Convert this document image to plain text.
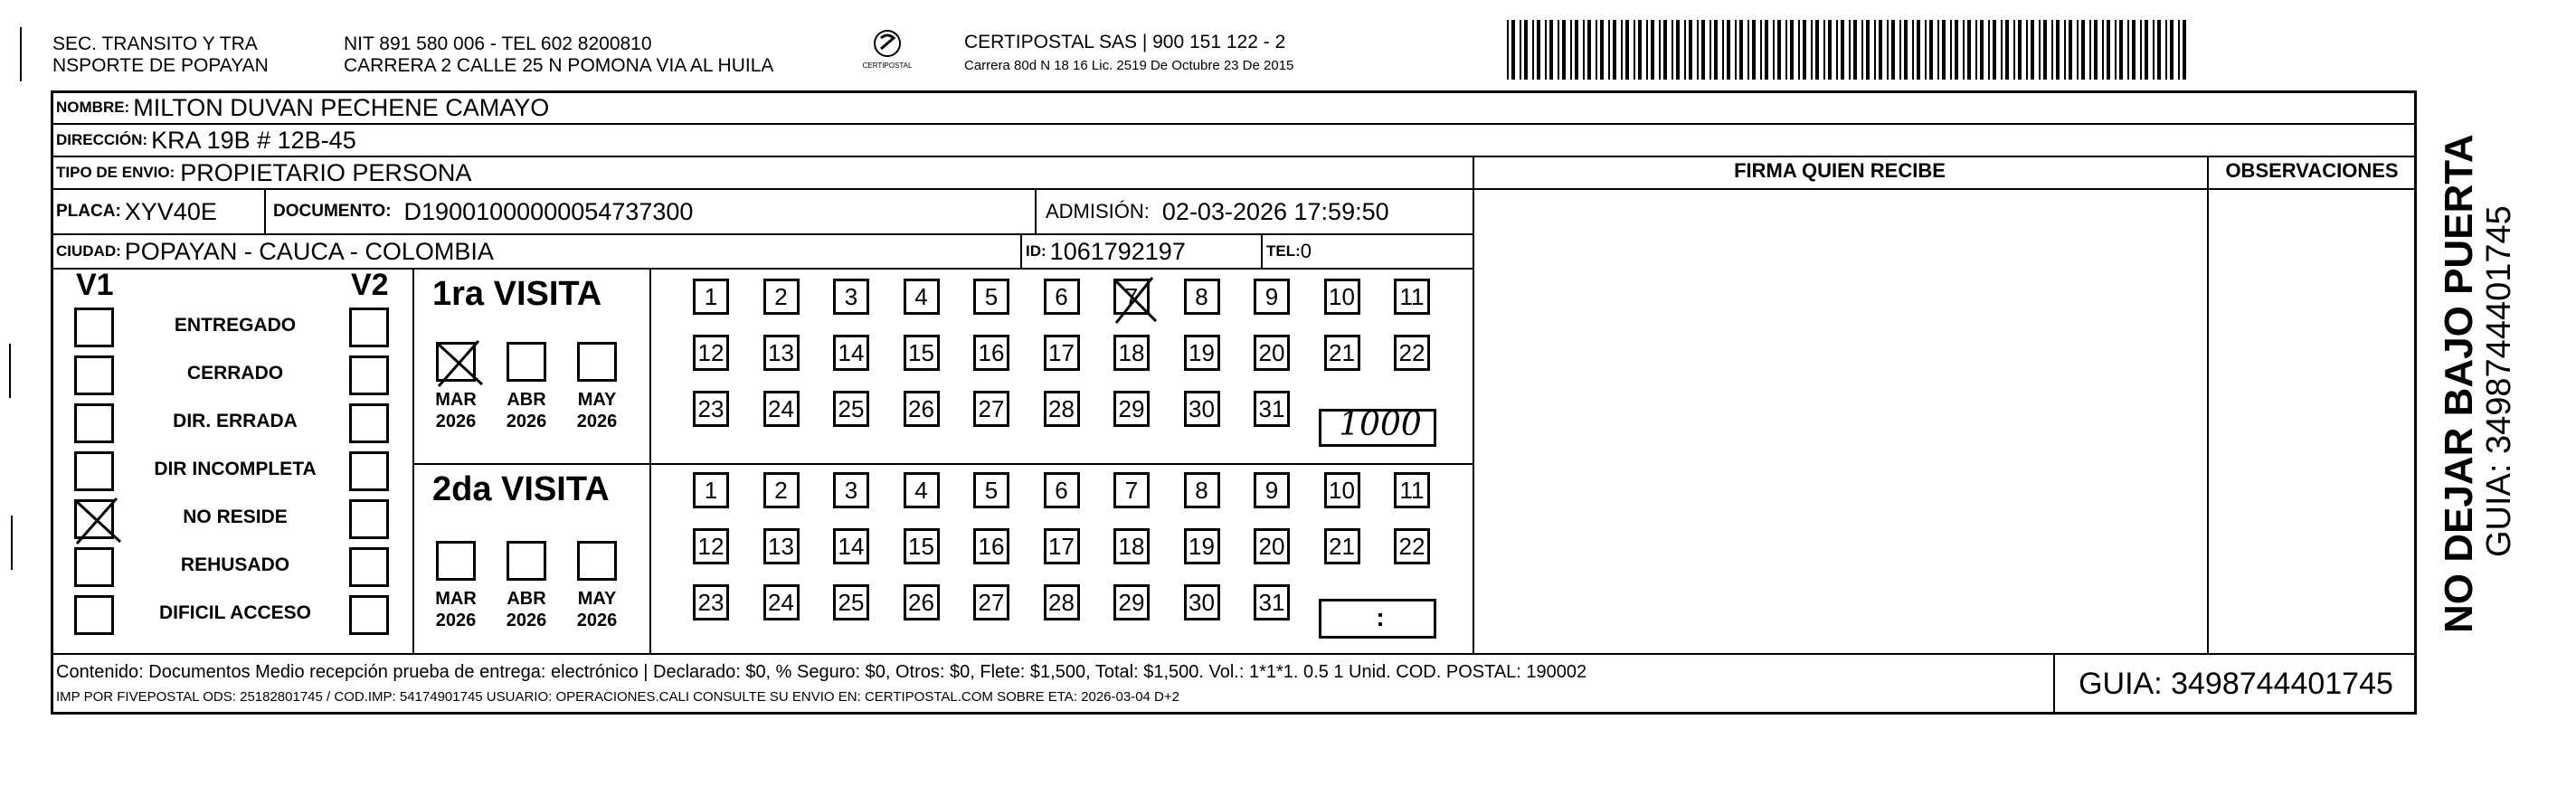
SEC. TRANSITO Y TRA
NSPORTE DE POPAYAN
NIT 891 580 006 - TEL 602 8200810
CARRERA 2 CALLE 25 N POMONA VIA AL HUILA	CERTIPOSTAL
CERTIPOSTAL SAS | 900 151 122 - 2
Carrera 80d N 18 16 Lic. 2519 De Octubre 23 De 2015
NOMBRE: MILTON DUVAN PECHENE CAMAYO
DIRECCIÓN: KRA 19B # 12B-45
TIPO DE ENVIO: PROPIETARIO PERSONA	FIRMA QUIEN RECIBE	OBSERVACIONES
PLACA: XYV40E	DOCUMENTO: D19001000000054737300	ADMISIÓN: 02-03-2026 17:59:50
CIUDAD: POPAYAN - CAUCA - COLOMBIA	ID: 1061792197	TEL: 0
V1	V2
ENTREGADO
CERRADO
DIR. ERRADA
DIR INCOMPLETA
NO RESIDE
REHUSADO
DIFICIL ACCESO
1ra VISITA
2da VISITA
MAR
2026
ABR
2026
MAY
2026
MAR
2026
ABR
2026
MAY
2026
1 2 3 4 5 6 7 8 9 10 11
12 13 14 15 16 17 18 19 20 21 22
23 24 25 26 27 28 29 30 31
1 2 3 4 5 6 7 8 9 10 11
12 13 14 15 16 17 18 19 20 21 22
23 24 25 26 27 28 29 30 31
1000
:
Contenido: Documentos Medio recepción prueba de entrega: electrónico | Declarado: $0, % Seguro: $0, Otros: $0, Flete: $1,500, Total: $1,500. Vol.: 1*1*1. 0.5 1 Unid. COD. POSTAL: 190002
IMP POR FIVEPOSTAL ODS: 25182801745 / COD.IMP: 54174901745 USUARIO: OPERACIONES.CALI CONSULTE SU ENVIO EN: CERTIPOSTAL.COM SOBRE ETA: 2026-03-04 D+2	GUIA: 3498744401745
NO DEJAR BAJO PUERTA GUIA: 3498744401745
